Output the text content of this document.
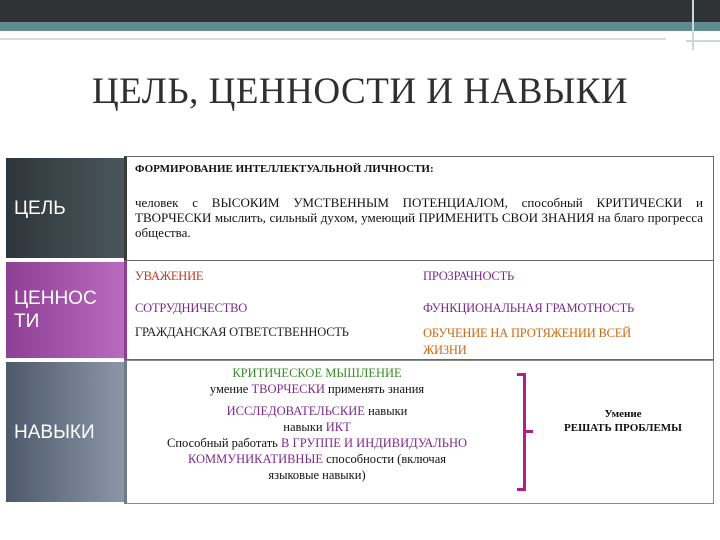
ЦЕЛЬ, ЦЕННОСТИ И НАВЫКИ
ЦЕЛЬ
ЦЕННОС
ТИ
НАВЫКИ
ФОРМИРОВАНИЕ ИНТЕЛЛЕКТУАЛЬНОЙ ЛИЧНОСТИ:
человек с ВЫСОКИМ УМСТВЕННЫМ ПОТЕНЦИАЛОМ, способный КРИТИЧЕСКИ и ТВОРЧЕСКИ мыслить, сильный духом, умеющий ПРИМЕНИТЬ СВОИ ЗНАНИЯ на благо прогресса общества.
УВАЖЕНИЕ	ПРОЗРАЧНОСТЬ
СОТРУДНИЧЕСТВО	ФУНКЦИОНАЛЬНАЯ ГРАМОТНОСТЬ
ГРАЖДАНСКАЯ ОТВЕТСТВЕННОСТЬ	ОБУЧЕНИЕ НА ПРОТЯЖЕНИИ ВСЕЙ
ЖИЗНИ
КРИТИЧЕСКОЕ МЫШЛЕНИЕ
умение ТВОРЧЕСКИ применять знания
ИССЛЕДОВАТЕЛЬСКИЕ навыки
навыки ИКТ
Способный работать В ГРУППЕ И ИНДИВИДУАЛЬНО
КОММУНИКАТИВНЫЕ способности (включая
языковые навыки)
Умение
РЕШАТЬ ПРОБЛЕМЫ
